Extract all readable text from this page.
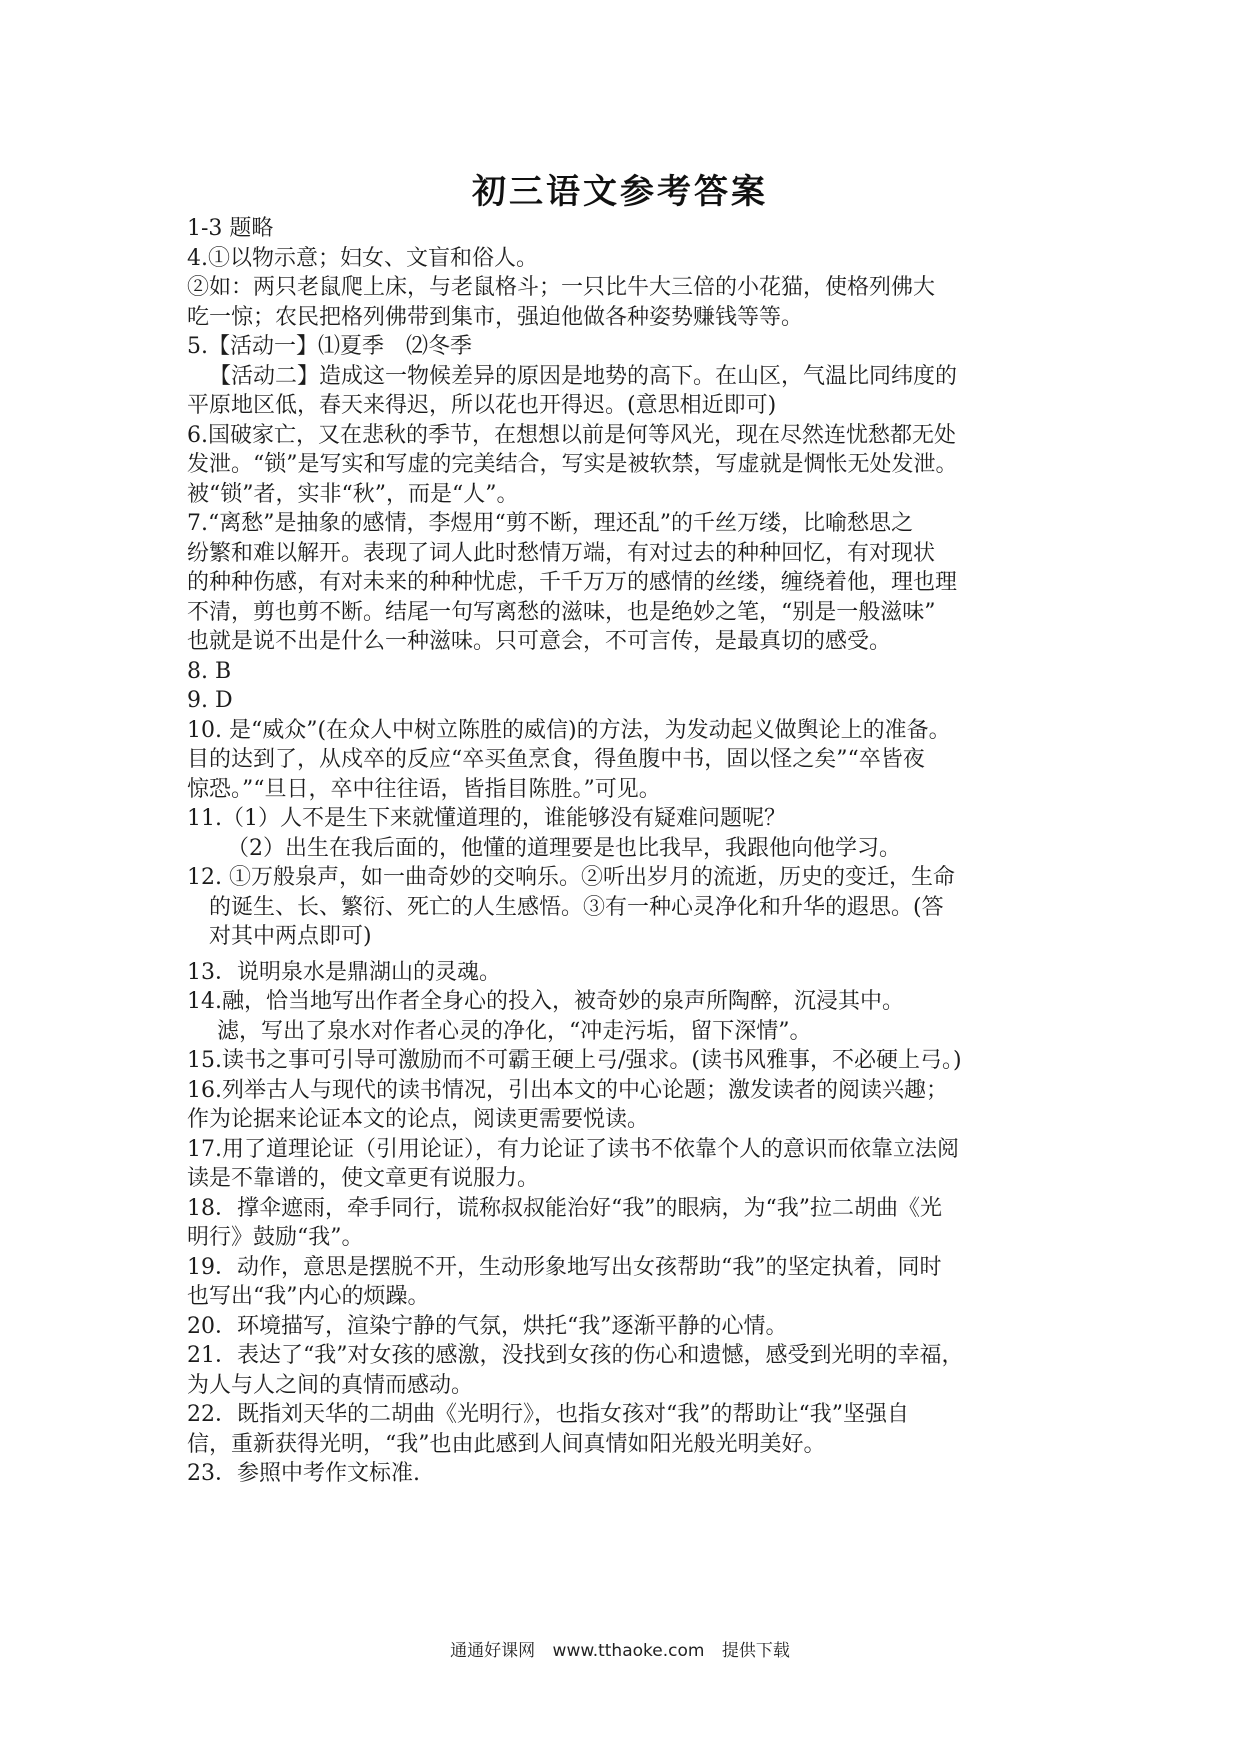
初三语文参考答案
1-3 题略
4.①以物示意；妇女、文盲和俗人。
②如：两只老鼠爬上床，与老鼠格斗；一只比牛大三倍的小花猫，使格列佛大
吃一惊；农民把格列佛带到集市，强迫他做各种姿势赚钱等等。
5.【活动一】⑴夏季　⑵冬季
【活动二】造成这一物候差异的原因是地势的高下。在山区，气温比同纬度的
平原地区低，春天来得迟，所以花也开得迟。(意思相近即可)
6.国破家亡，又在悲秋的季节，在想想以前是何等风光，现在尽然连忧愁都无处
发泄。“锁”是写实和写虚的完美结合，写实是被软禁，写虚就是惆怅无处发泄。
被“锁”者，实非“秋”，而是“人”。
7.“离愁”是抽象的感情，李煜用“剪不断，理还乱”的千丝万缕，比喻愁思之
纷繁和难以解开。表现了词人此时愁情万端，有对过去的种种回忆，有对现状
的种种伤感，有对未来的种种忧虑，千千万万的感情的丝缕，缠绕着他，理也理
不清，剪也剪不断。结尾一句写离愁的滋味，也是绝妙之笔，“别是一般滋味”
也就是说不出是什么一种滋味。只可意会，不可言传，是最真切的感受。
8. B
9. D
10. 是“威众”(在众人中树立陈胜的威信)的方法，为发动起义做舆论上的准备。
目的达到了，从戍卒的反应“卒买鱼烹食，得鱼腹中书，固以怪之矣”“卒皆夜
惊恐。”“旦日，卒中往往语，皆指目陈胜。”可见。
11.（1）人不是生下来就懂道理的，谁能够没有疑难问题呢？
（2）出生在我后面的，他懂的道理要是也比我早，我跟他向他学习。
12. ①万般泉声，如一曲奇妙的交响乐。②听出岁月的流逝，历史的变迁，生命
的诞生、长、繁衍、死亡的人生感悟。③有一种心灵净化和升华的遐思。(答
对其中两点即可)
13．说明泉水是鼎湖山的灵魂。
14.融，恰当地写出作者全身心的投入，被奇妙的泉声所陶醉，沉浸其中。
滤，写出了泉水对作者心灵的净化，“冲走污垢，留下深情”。
15.读书之事可引导可激励而不可霸王硬上弓/强求。(读书风雅事，不必硬上弓。)
16.列举古人与现代的读书情况，引出本文的中心论题；激发读者的阅读兴趣；
作为论据来论证本文的论点，阅读更需要悦读。
17.用了道理论证（引用论证），有力论证了读书不依靠个人的意识而依靠立法阅
读是不靠谱的，使文章更有说服力。
18．撑伞遮雨，牵手同行，谎称叔叔能治好“我”的眼病，为“我”拉二胡曲《光
明行》鼓励“我”。
19．动作，意思是摆脱不开，生动形象地写出女孩帮助“我”的坚定执着，同时
也写出“我”内心的烦躁。
20．环境描写，渲染宁静的气氛，烘托“我”逐渐平静的心情。
21．表达了“我”对女孩的感激，没找到女孩的伤心和遗憾，感受到光明的幸福，
为人与人之间的真情而感动。
22．既指刘天华的二胡曲《光明行》，也指女孩对“我”的帮助让“我”坚强自
信，重新获得光明，“我”也由此感到人间真情如阳光般光明美好。
23．参照中考作文标准.
通通好课网 www.tthaoke.com 提供下载
